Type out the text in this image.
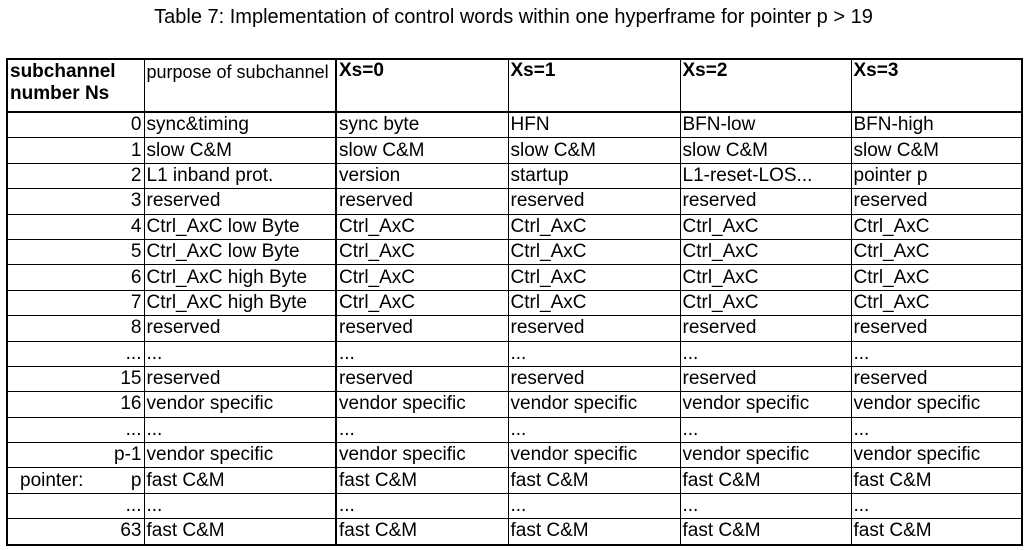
Table 7: Implementation of control words within one hyperframe for pointer p > 19
subchannel number Ns	purpose of subchannel	Xs=0	Xs=1	Xs=2	Xs=3
0	sync&timing	sync byte	HFN	BFN-low	BFN-high
1	slow C&M	slow C&M	slow C&M	slow C&M	slow C&M
2	L1 inband prot.	version	startup	L1-reset-LOS...	pointer p
3	reserved	reserved	reserved	reserved	reserved
4	Ctrl_AxC low Byte	Ctrl_AxC	Ctrl_AxC	Ctrl_AxC	Ctrl_AxC
5	Ctrl_AxC low Byte	Ctrl_AxC	Ctrl_AxC	Ctrl_AxC	Ctrl_AxC
6	Ctrl_AxC high Byte	Ctrl_AxC	Ctrl_AxC	Ctrl_AxC	Ctrl_AxC
7	Ctrl_AxC high Byte	Ctrl_AxC	Ctrl_AxC	Ctrl_AxC	Ctrl_AxC
8	reserved	reserved	reserved	reserved	reserved
...	...	...	...	...	...
15	reserved	reserved	reserved	reserved	reserved
16	vendor specific	vendor specific	vendor specific	vendor specific	vendor specific
...	...	...	...	...	...
p-1	vendor specific	vendor specific	vendor specific	vendor specific	vendor specific

pointer: p	fast C&M	fast C&M	fast C&M	fast C&M	fast C&M
...	...	...	...	...	...
63	fast C&M	fast C&M	fast C&M	fast C&M	fast C&M
